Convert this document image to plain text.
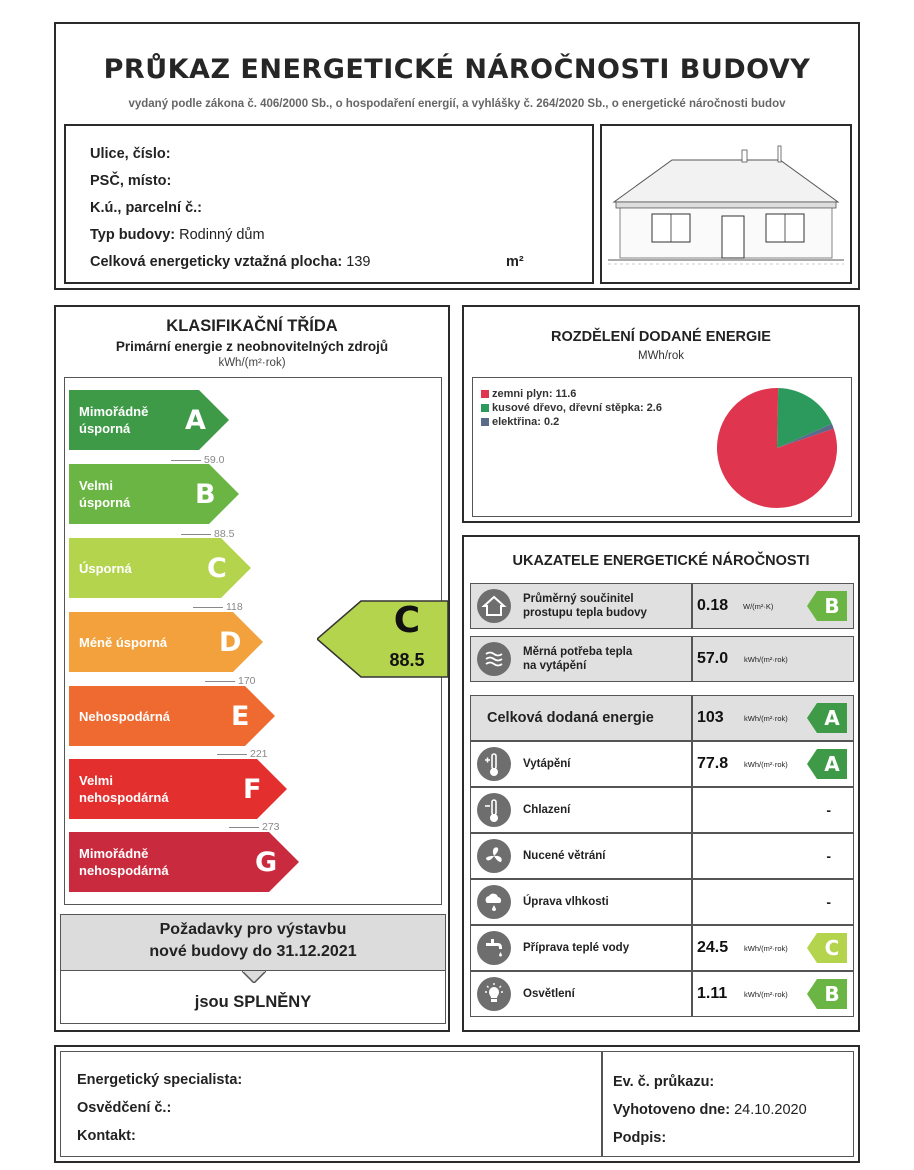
PRŮKAZ ENERGETICKÉ NÁROČNOSTI BUDOVY
vydaný podle zákona č. 406/2000 Sb., o hospodaření energií, a vyhlášky č. 264/2020 Sb., o energetické náročnosti budov
Ulice, číslo:
PSČ, místo:
K.ú., parcelní č.:
Typ budovy: Rodinný dům
Celková energeticky vztažná plocha: 139	m²
KLASIFIKAČNÍ TŘÍDA
Primární energie z neobnovitelných zdrojů
kWh/(m²·rok)
Mimořádně
úsporná	A
59.0
Velmi
úsporná B
88.5
Úsporná	C
118
Méně úsporná D
170
Nehospodárná E
221
Velmi
nehospodárná	F
273
Mimořádně
nehospodárná	G
C
88.5
Požadavky pro výstavbu
nové budovy do 31.12.2021
jsou SPLNĚNY
ROZDĚLENÍ DODANÉ ENERGIE
MWh/rok
zemni plyn: 11.6
kusové dřevo, dřevní stěpka: 2.6
elektřina: 0.2
UKAZATELE ENERGETICKÉ NÁROČNOSTI
Průměrný součinitel
prostupu tepla budovy	0.18 W/(m²·K)	B
Měrná potřeba tepla
na vytápění	57.0 kWh/(m²·rok)
Celková dodaná energie	103	kWh/(m²·rok) A
Vytápění	77.8 kWh/(m²·rok) A
Chlazení	-
Nucené větrání	-
Úprava vlhkosti	-
Příprava teplé vody	24.5 kWh/(m²·rok) C
Osvětlení	1.11 kWh/(m²·rok) B
Energetický specialista:
Osvědčení č.:
Kontakt:
Ev. č. průkazu:
Vyhotoveno dne: 24.10.2020
Podpis:
